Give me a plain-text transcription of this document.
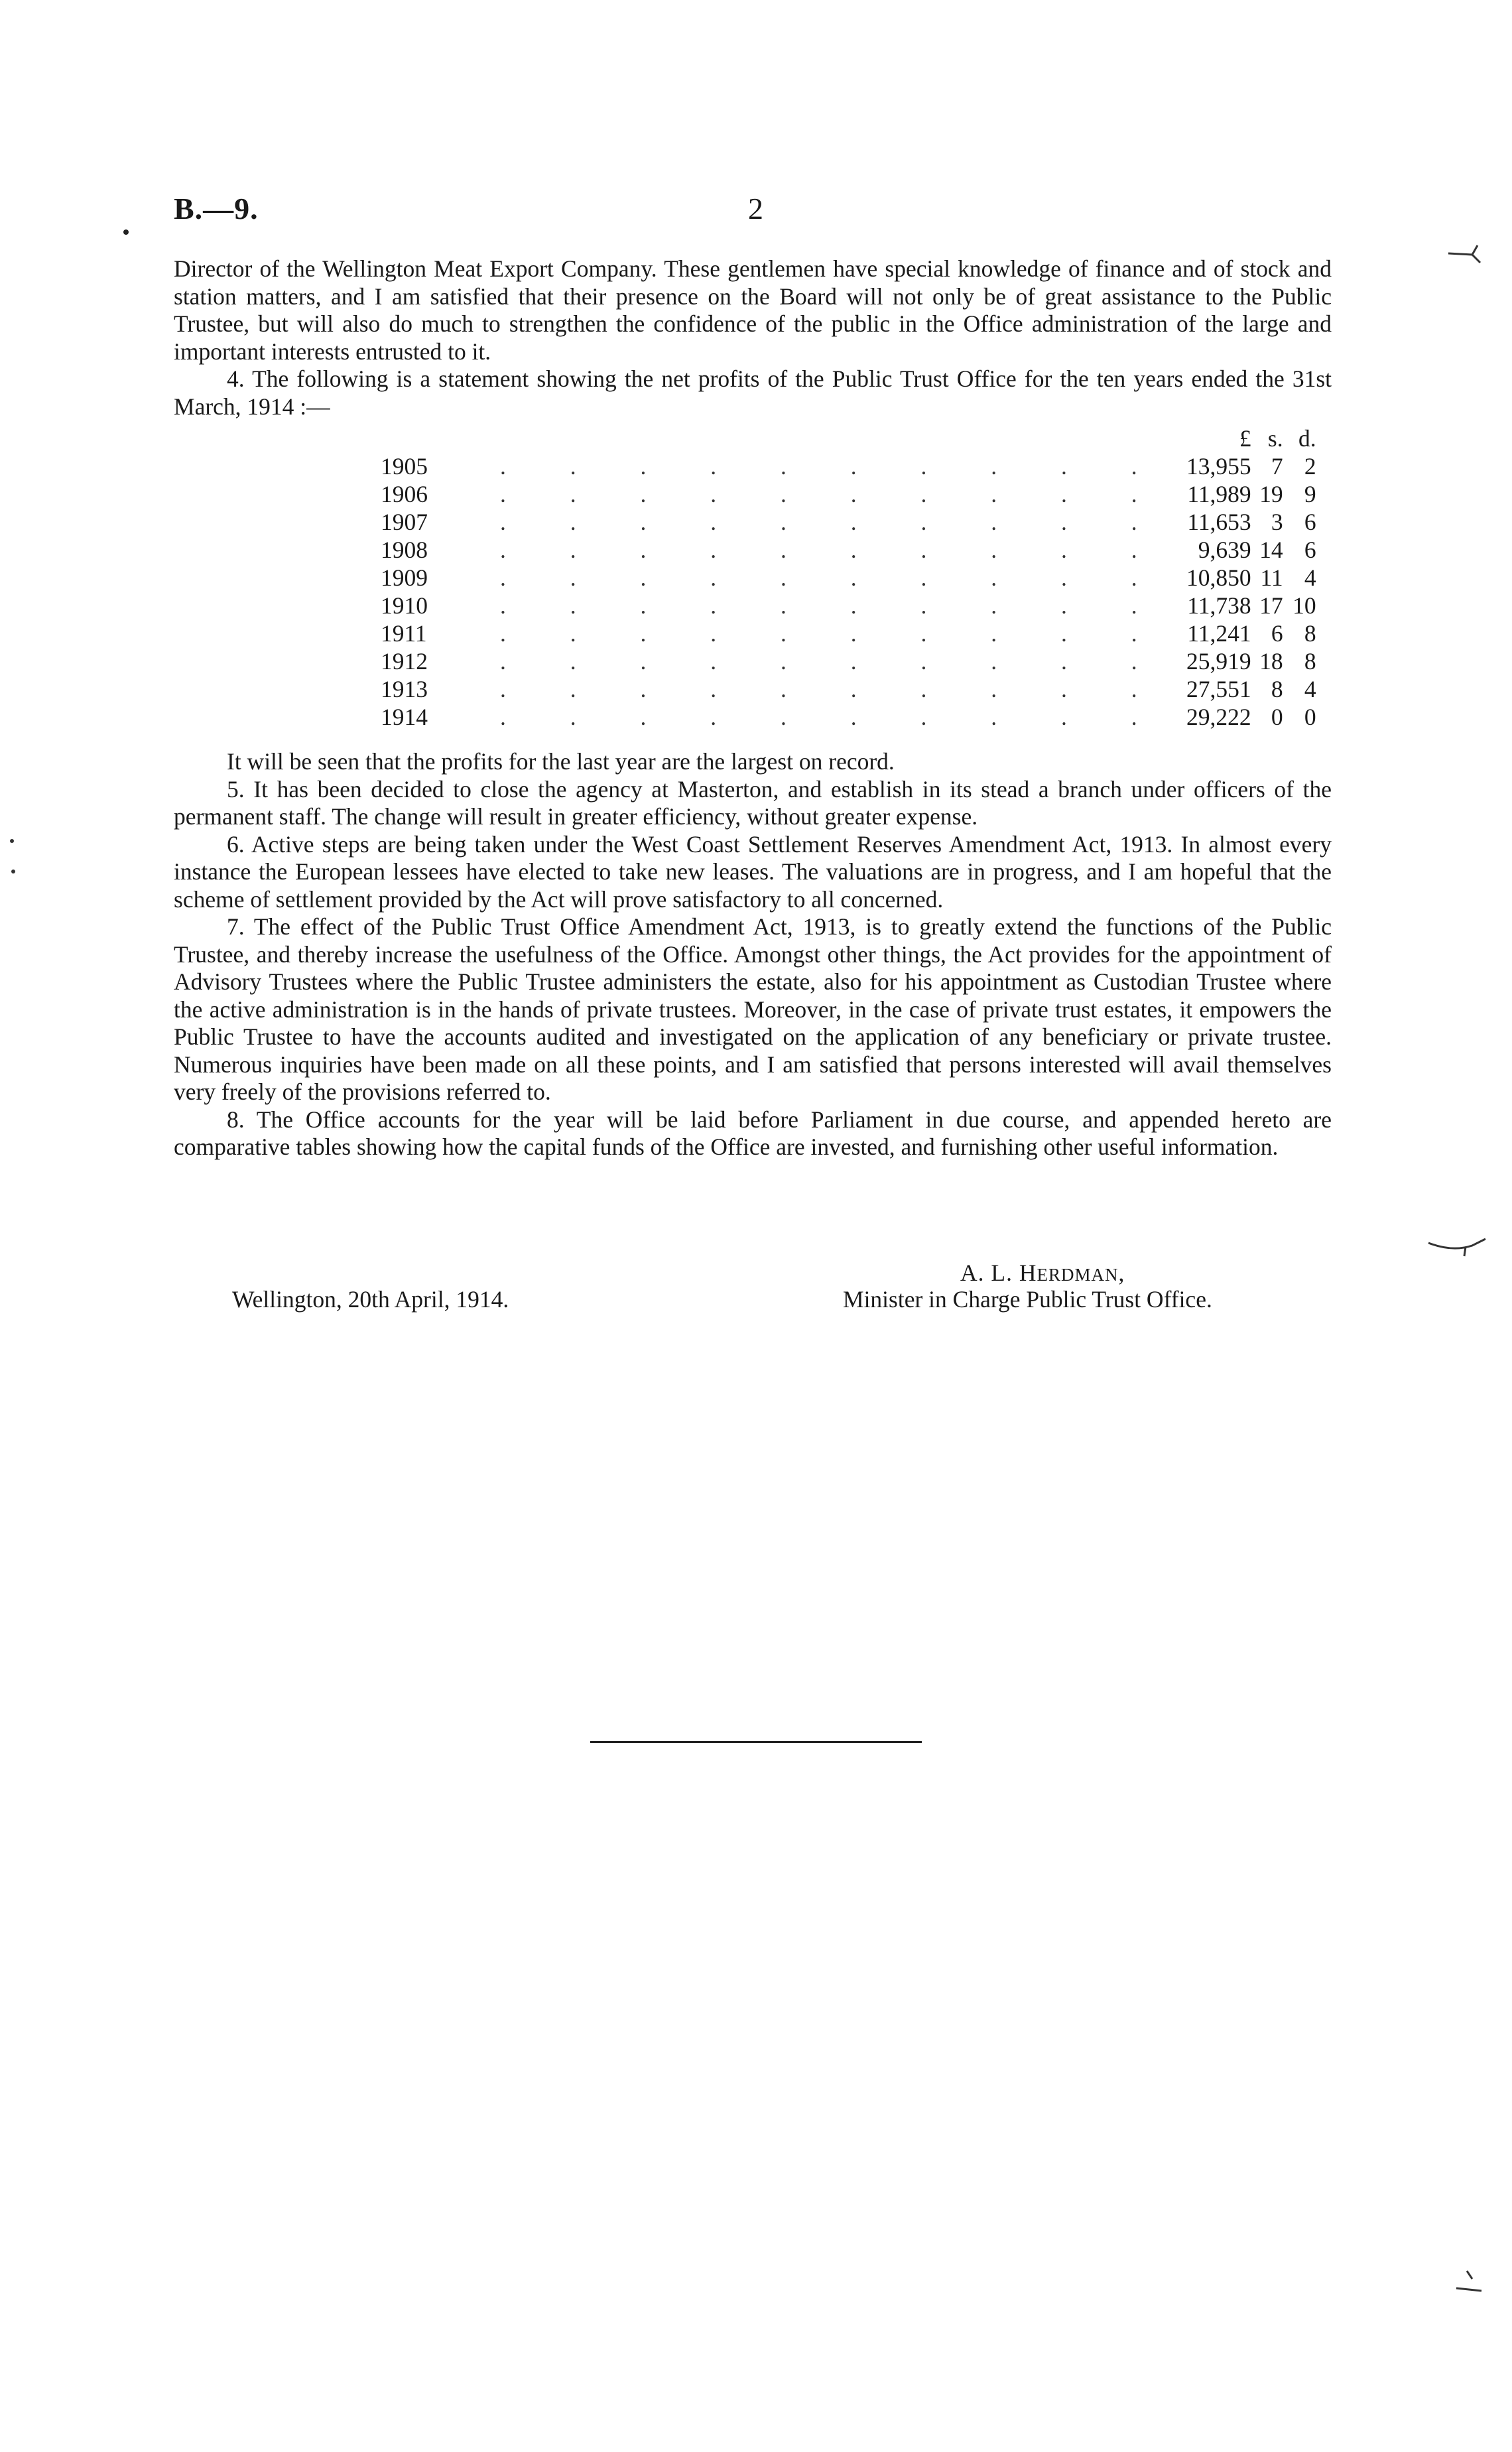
B.—9.	2

Director of the Wellington Meat Export Company. These gentlemen have special knowledge of finance and of stock and station matters, and I am satisfied that their presence on the Board will not only be of great assistance to the Public Trustee, but will also do much to strengthen the confidence of the public in the Office administration of the large and important interests entrusted to it.

4. The following is a statement showing the net profits of the Public Trust Office for the ten years ended the 31st March, 1914 :—

		£	s.	d.
1905	. . . . . . . . . .	13,955	7	2
1906	. . . . . . . . . .	11,989	19	9
1907	. . . . . . . . . .	11,653	3	6
1908	. . . . . . . . . .	9,639	14	6
1909	. . . . . . . . . .	10,850	11	4
1910	. . . . . . . . . .	11,738	17	10
1911	. . . . . . . . . .	11,241	6	8
1912	. . . . . . . . . .	25,919	18	8
1913	. . . . . . . . . .	27,551	8	4
1914	. . . . . . . . . .	29,222	0	0

It will be seen that the profits for the last year are the largest on record.

5. It has been decided to close the agency at Masterton, and establish in its stead a branch under officers of the permanent staff. The change will result in greater efficiency, without greater expense.

6. Active steps are being taken under the West Coast Settlement Reserves Amendment Act, 1913. In almost every instance the European lessees have elected to take new leases. The valuations are in progress, and I am hopeful that the scheme of settlement provided by the Act will prove satisfactory to all concerned.

7. The effect of the Public Trust Office Amendment Act, 1913, is to greatly extend the functions of the Public Trustee, and thereby increase the usefulness of the Office. Amongst other things, the Act provides for the appointment of Advisory Trustees where the Public Trustee administers the estate, also for his appointment as Custodian Trustee where the active administration is in the hands of private trustees. Moreover, in the case of private trust estates, it empowers the Public Trustee to have the accounts audited and investigated on the application of any beneficiary or private trustee. Numerous inquiries have been made on all these points, and I am satisfied that persons interested will avail themselves very freely of the provisions referred to.

8. The Office accounts for the year will be laid before Parliament in due course, and appended hereto are comparative tables showing how the capital funds of the Office are invested, and furnishing other useful information.

A. L. HERDMAN,
Minister in Charge Public Trust Office.
Wellington, 20th April, 1914.
